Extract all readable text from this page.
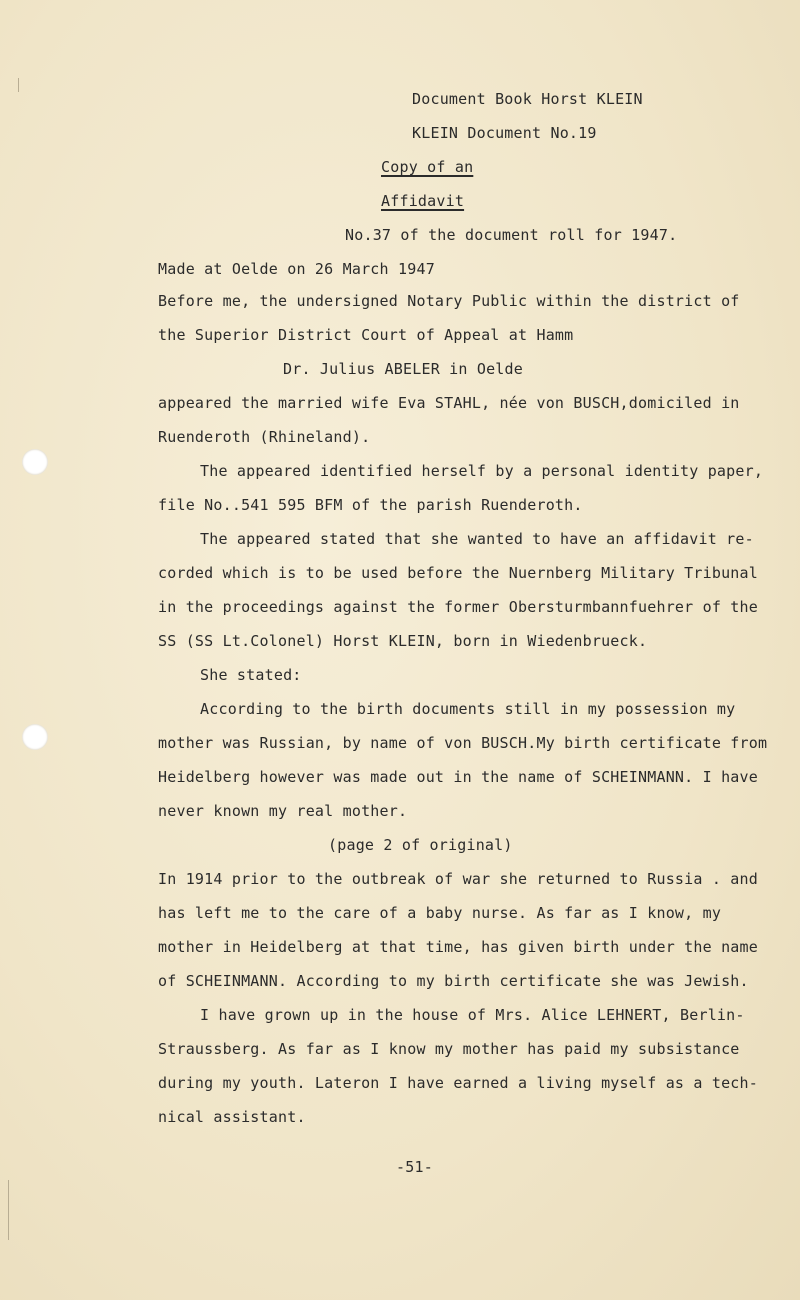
Document Book Horst KLEIN
KLEIN Document No.19
Copy of an
Affidavit
No.37 of the document roll for 1947.
Made at Oelde on 26 March 1947
Before me, the undersigned Notary Public within the district of
the Superior District Court of Appeal at Hamm
Dr. Julius ABELER in Oelde
appeared the married wife Eva STAHL, née von BUSCH,domiciled in
Ruenderoth (Rhineland).
The appeared identified herself by a personal identity paper,
file No..541 595 BFM of the parish Ruenderoth.
The appeared stated that she wanted to have an affidavit re-
corded which is to be used before the Nuernberg Military Tribunal
in the proceedings against the former Obersturmbannfuehrer of the
SS (SS Lt.Colonel) Horst KLEIN, born in Wiedenbrueck.
She stated:
According to the birth documents still in my possession my
mother was Russian, by name of von BUSCH.My birth certificate from
Heidelberg however was made out in the name of SCHEINMANN. I have
never known my real mother.
(page 2 of original)
In 1914 prior to the outbreak of war she returned to Russia . and
has left me to the care of a baby nurse. As far as I know, my
mother in Heidelberg at that time, has given birth under the name
of SCHEINMANN. According to my birth certificate she was Jewish.
I have grown up in the house of Mrs. Alice LEHNERT, Berlin-
Straussberg. As far as I know my mother has paid my subsistance
during my youth. Lateron I have earned a living myself as a tech-
nical assistant.
-51-
